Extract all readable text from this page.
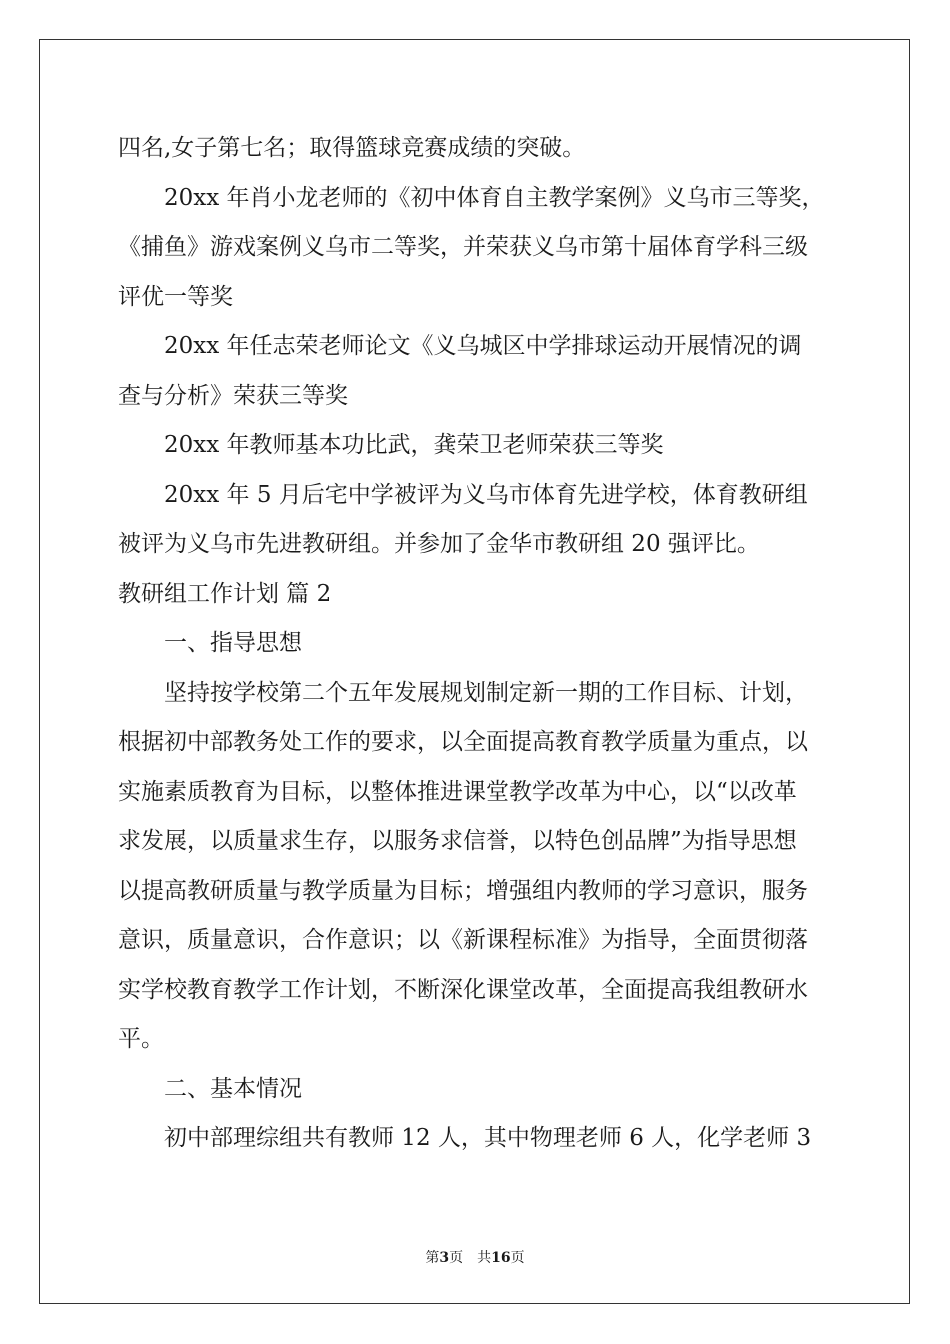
四名,女子第七名；取得篮球竞赛成绩的突破。
20xx 年肖小龙老师的《初中体育自主教学案例》义乌市三等奖，
《捕鱼》游戏案例义乌市二等奖，并荣获义乌市第十届体育学科三级
评优一等奖
20xx 年任志荣老师论文《义乌城区中学排球运动开展情况的调
查与分析》荣获三等奖
20xx 年教师基本功比武，龚荣卫老师荣获三等奖
20xx 年 5 月后宅中学被评为义乌市体育先进学校，体育教研组
被评为义乌市先进教研组。并参加了金华市教研组 20 强评比。
教研组工作计划 篇 2
一、指导思想
坚持按学校第二个五年发展规划制定新一期的工作目标、计划，
根据初中部教务处工作的要求，以全面提高教育教学质量为重点，以
实施素质教育为目标，以整体推进课堂教学改革为中心，以“以改革
求发展，以质量求生存，以服务求信誉，以特色创品牌”为指导思想
以提高教研质量与教学质量为目标；增强组内教师的学习意识，服务
意识，质量意识，合作意识；以《新课程标准》为指导，全面贯彻落
实学校教育教学工作计划，不断深化课堂改革，全面提高我组教研水
平。
二、基本情况
初中部理综组共有教师 12 人，其中物理老师 6 人，化学老师 3
第3页　共16页
